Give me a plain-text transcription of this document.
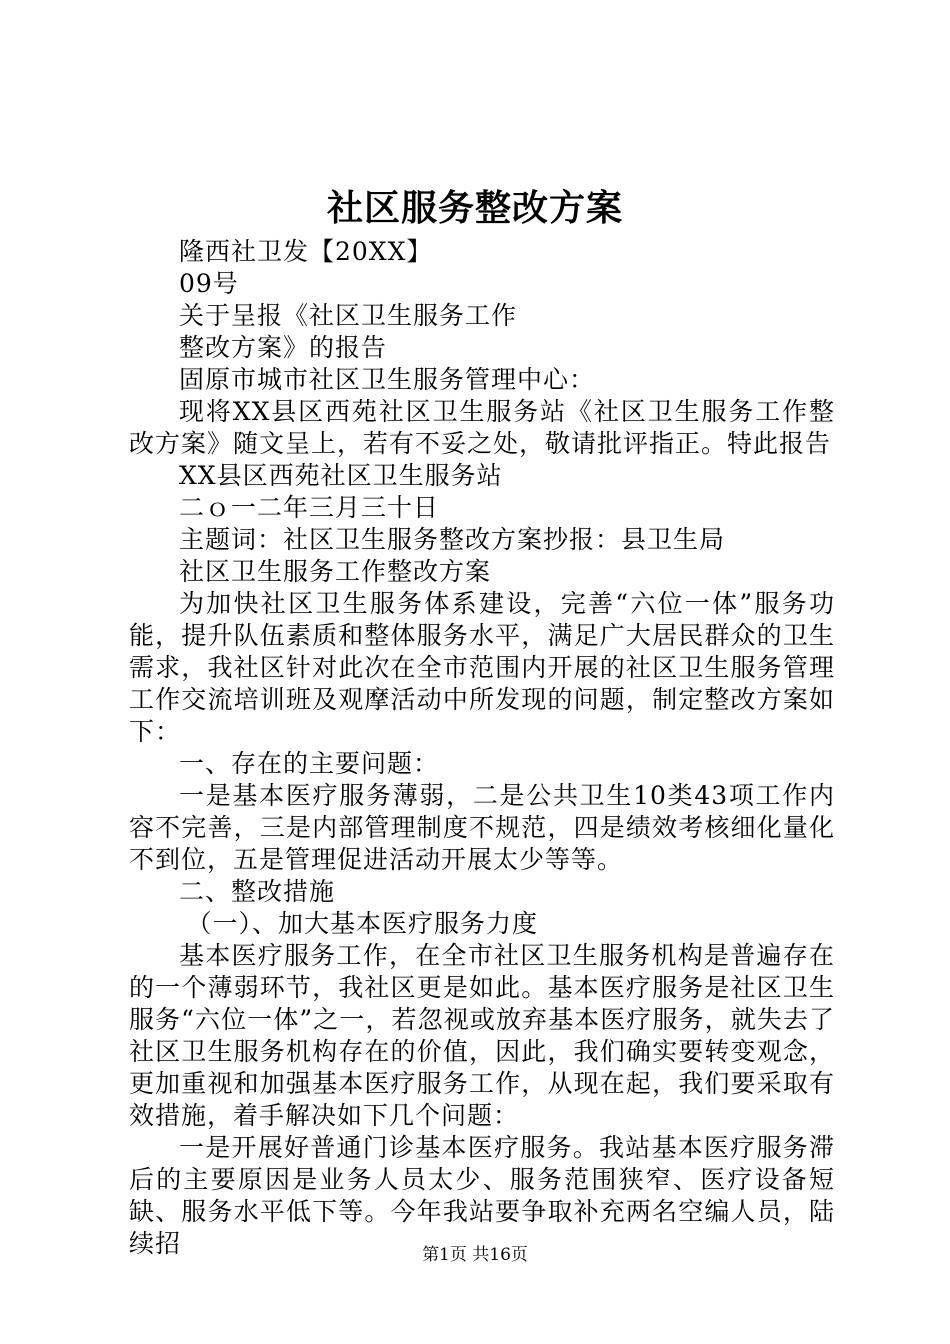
社区服务整改方案

隆西社卫发【20XX】

09号

关于呈报《社区卫生服务工作

整改方案》的报告

固原市城市社区卫生服务管理中心：

现将XX县区西苑社区卫生服务站《社区卫生服务工作整改方案》随文呈上，若有不妥之处，敬请批评指正。特此报告

XX县区西苑社区卫生服务站

二ｏ一二年三月三十日

主题词：社区卫生服务整改方案抄报：县卫生局

社区卫生服务工作整改方案

为加快社区卫生服务体系建设，完善“六位一体”服务功能，提升队伍素质和整体服务水平，满足广大居民群众的卫生需求，我社区针对此次在全市范围内开展的社区卫生服务管理工作交流培训班及观摩活动中所发现的问题，制定整改方案如下：

一、存在的主要问题：

一是基本医疗服务薄弱，二是公共卫生10类43项工作内容不完善，三是内部管理制度不规范，四是绩效考核细化量化不到位，五是管理促进活动开展太少等等。

二、整改措施

（一）、加大基本医疗服务力度

基本医疗服务工作，在全市社区卫生服务机构是普遍存在的一个薄弱环节，我社区更是如此。基本医疗服务是社区卫生服务“六位一体”之一，若忽视或放弃基本医疗服务，就失去了社区卫生服务机构存在的价值，因此，我们确实要转变观念，更加重视和加强基本医疗服务工作，从现在起，我们要采取有效措施，着手解决如下几个问题：

一是开展好普通门诊基本医疗服务。我站基本医疗服务滞后的主要原因是业务人员太少、服务范围狭窄、医疗设备短缺、服务水平低下等。今年我站要争取补充两名空编人员，陆续招	第1页 共16页
